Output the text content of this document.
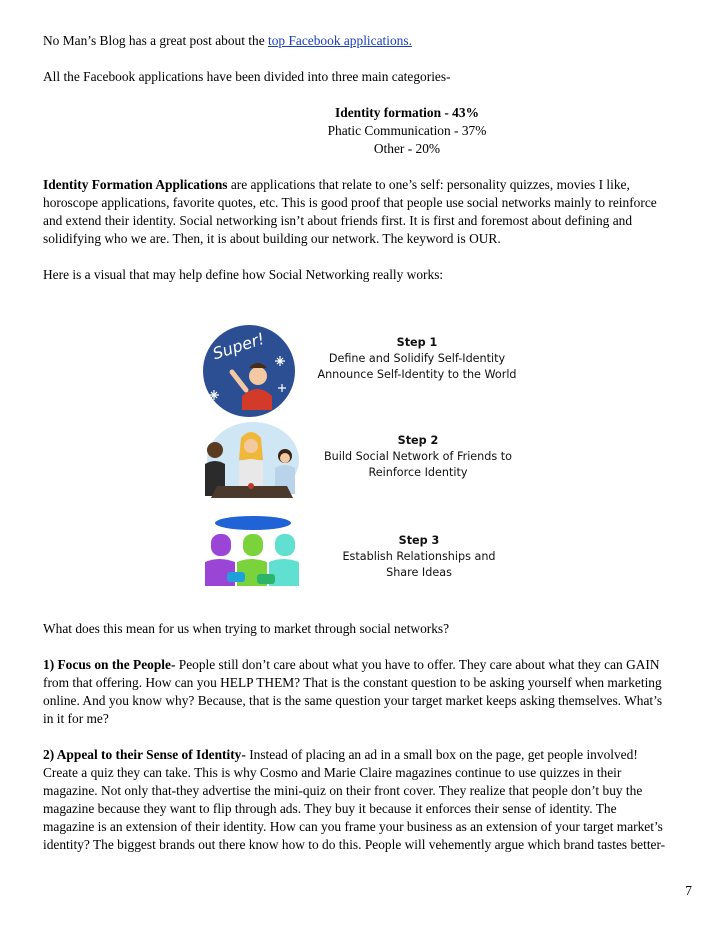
No Man’s Blog has a great post about the top Facebook applications.

All the Facebook applications have been divided into three main categories-

Identity formation - 43%

Phatic Communication - 37%

Other - 20%

Identity Formation Applications are applications that relate to one’s self: personality quizzes, movies I like,

horoscope applications, favorite quotes, etc. This is good proof that people use social networks mainly to reinforce

and extend their identity. Social networking isn’t about friends first. It is first and foremost about defining and

solidifying who we are. Then, it is about building our network. The keyword is OUR.

Here is a visual that may help define how Social Networking really works:

Super!	Step 1
Define and Solidify Self-Identity
Announce Self-Identity to the World
Step 2
Build Social Network of Friends to
Reinforce Identity
Step 3
Establish Relationships and
Share Ideas

What does this mean for us when trying to market through social networks?

1) Focus on the People- People still don’t care about what you have to offer. They care about what they can GAIN

from that offering. How can you HELP THEM? That is the constant question to be asking yourself when marketing

online. And you know why? Because, that is the same question your target market keeps asking themselves. What’s

in it for me?

2) Appeal to their Sense of Identity- Instead of placing an ad in a small box on the page, get people involved!

Create a quiz they can take. This is why Cosmo and Marie Claire magazines continue to use quizzes in their

magazine. Not only that-they advertise the mini-quiz on their front cover. They realize that people don’t buy the

magazine because they want to flip through ads. They buy it because it enforces their sense of identity. The

magazine is an extension of their identity. How can you frame your business as an extension of your target market’s

identity? The biggest brands out there know how to do this. People will vehemently argue which brand tastes better-

7
